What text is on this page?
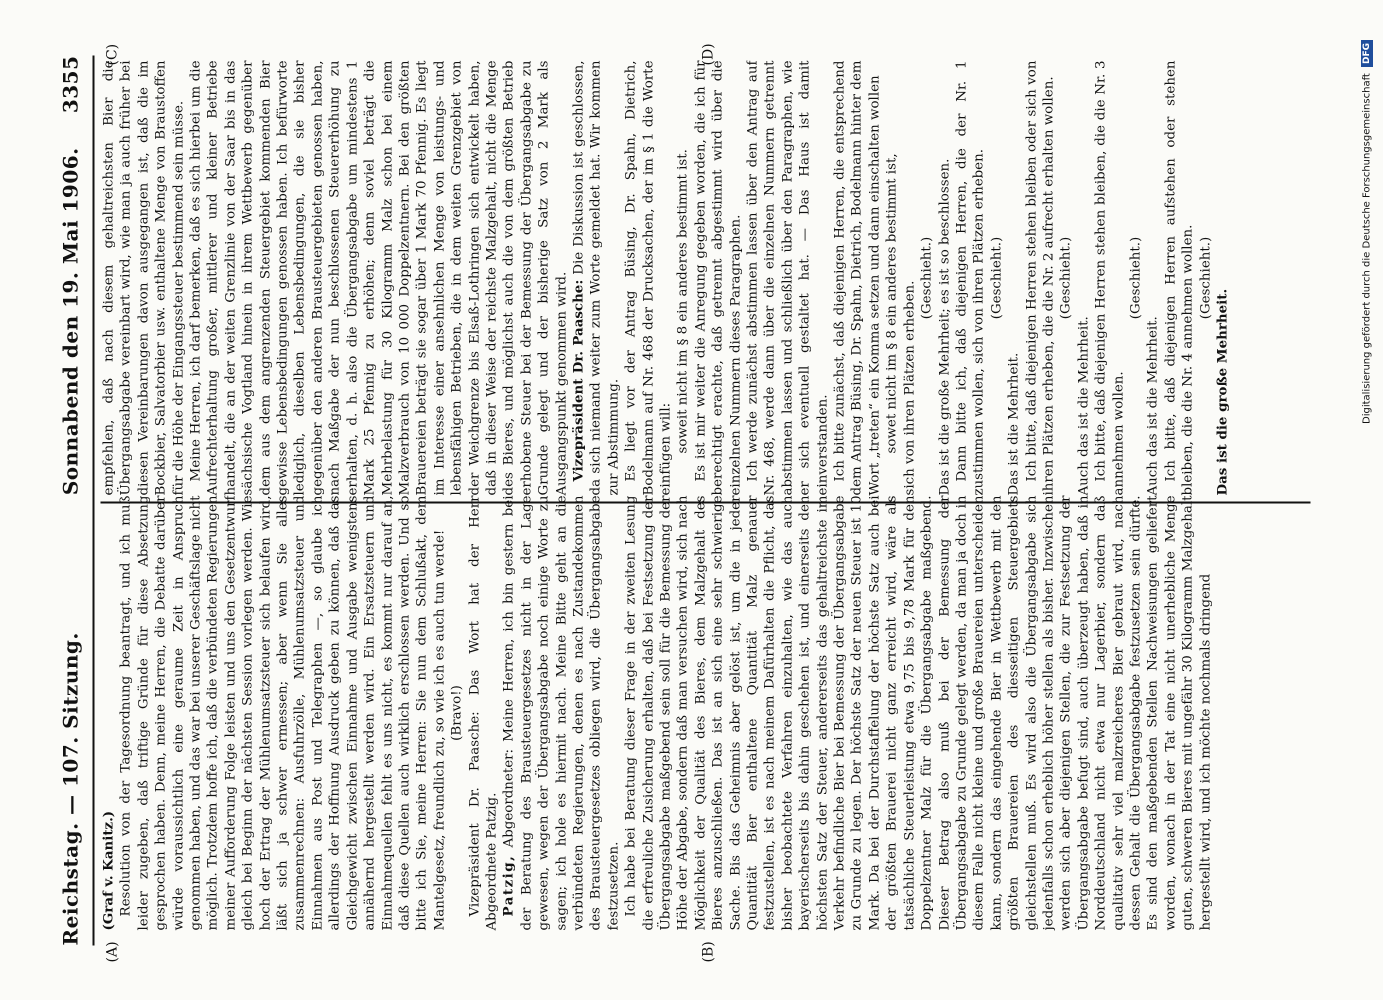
Reichstag. — 107. Sitzung.
Sonnabend den 19. Mai 1906.
3355
(A)	(B)
(C)	(D)

(Graf v. Kanitz.) Resolution von der Tagesordnung beantragt, und ich muß leider zugeben, daß triftige Gründe für diese Absetzung gesprochen haben. Denn, meine Herren, die Debatte darüber würde voraussichtlich eine geraume Zeit in Anspruch genommen haben, und das war bei unserer Geschäftslage nicht möglich. Trotzdem hoffe ich, daß die verbündeten Regierungen meiner Aufforderung Folge leisten und uns den Gesetzentwurf gleich bei Beginn der nächsten Session vorlegen werden. Wie hoch der Ertrag der Mühlenumsatzsteuer sich belaufen wird, läßt sich ja schwer ermessen; aber wenn Sie alles zusammenrechnen: Ausfuhrzölle, Mühlenumsatzsteuer und Einnahmen aus Post und Telegraphen —, so glaube ich allerdings der Hoffnung Ausdruck geben zu können, daß das Gleichgewicht zwischen Einnahme und Ausgabe wenigstens annähernd hergestellt werden wird. Ein Ersatzsteuern und Einnahmequellen fehlt es uns nicht, es kommt nur darauf an, daß diese Quellen auch wirklich erschlossen werden. Und so bitte ich Sie, meine Herren: Sie nun dem Schlußakt, dem Mantelgesetz, freundlich zu, so wie ich es auch tun werde! (Bravo!) Vizepräsident Dr. Paasche: Das Wort hat der Herr Abgeordnete Patzig. Patzig, Abgeordneter: Meine Herren, ich bin gestern bei der Beratung des Brausteuergesetzes nicht in der Lage gewesen, wegen der Übergangsabgabe noch einige Worte zu sagen; ich hole es hiermit nach. Meine Bitte geht an die verbündeten Regierungen, denen es nach Zustandekommen des Brausteuergesetzes obliegen wird, die Übergangsabgabe festzusetzen. Ich habe bei Beratung dieser Frage in der zweiten Lesung die erfreuliche Zusicherung erhalten, daß bei Festsetzung der Übergangsabgabe maßgebend sein soll für die Bemessung der Höhe der Abgabe, sondern daß man versuchen wird, sich nach Möglichkeit der Qualität des Bieres, dem Malzgehalt des Bieres anzuschließen. Das ist an sich eine sehr schwierige Sache. Bis das Geheimnis aber gelöst ist, um die in jeder Quantität Bier enthaltene Quantität Malz genauer festzustellen, ist es nach meinem Dafürhalten die Pflicht, das bisher beobachtete Verfahren einzuhalten, wie das auch bayerischerseits bis dahin geschehen ist, und einerseits den höchsten Satz der Steuer, andererseits das gehaltreichste im Verkehr befindliche Bier bei Bemessung der Übergangsabgabe zu Grunde zu legen. Der höchste Satz der neuen Steuer ist 10 Mark. Da bei der Durchstaffelung der höchste Satz auch bei der größten Brauerei nicht ganz erreicht wird, wäre als tatsächliche Steuerleistung etwa 9,75 bis 9,78 Mark für den Doppelzentner Malz für die Übergangsabgabe maßgebend. Dieser Betrag also muß bei der Bemessung der Übergangsabgabe zu Grunde gelegt werden, da man ja doch in diesem Falle nicht kleine und große Brauereien unterscheiden kann, sondern das eingehende Bier in Wettbewerb mit den größten Brauereien des diesseitigen Steuergebiets gleichstellen muß. Es wird also die Übergangsabgabe sich jedenfalls schon erheblich höher stellen als bisher. Inzwischen werden sich aber diejenigen Stellen, die zur Festsetzung der Übergangsabgabe befugt sind, auch überzeugt haben, daß in Norddeutschland nicht etwa nur Lagerbier, sondern daß qualitativ sehr viel malzreicheres Bier gebraut wird, nach dessen Gehalt die Übergangsabgabe festzusetzen sein dürfte. Es sind den maßgebenden Stellen Nachweisungen geliefert worden, wonach in der Tat eine nicht unerhebliche Menge guten, schweren Bieres mit ungefähr 30 Kilogramm Malzgehalt hergestellt wird, und ich möchte nochmals dringend

empfehlen, daß nach diesem gehaltreichsten Bier die Übergangsabgabe vereinbart wird, wie man ja auch früher bei diesen Vereinbarungen davon ausgegangen ist, daß die im Bockbier, Salvatorbier usw. enthaltene Menge von Braustoffen für die Höhe der Eingangssteuer bestimmend sein müsse. Meine Herren, ich darf bemerken, daß es sich hierbei um die Aufrechterhaltung großer, mittlerer und kleiner Betriebe handelt, die an der weiten Grenzlinie von der Saar bis in das sächsische Vogtland hinein in ihrem Wettbewerb gegenüber dem aus dem angrenzenden Steuergebiet kommenden Bier gewisse Lebensbedingungen genossen haben. Ich befürworte lediglich, dieselben Lebensbedingungen, die sie bisher gegenüber den anderen Brausteuergebieten genossen haben, nach Maßgabe der nun beschlossenen Steuererhöhung zu erhalten, d. h. also die Übergangsabgabe um mindestens 1 Mark 25 Pfennig zu erhöhen; denn soviel beträgt die Mehrbelastung für 30 Kilogramm Malz schon bei einem Malzverbrauch von 10 000 Doppelzentnern. Bei den größten Brauereien beträgt sie sogar über 1 Mark 70 Pfennig. Es liegt im Interesse einer ansehnlichen Menge von leistungs- und lebensfähigen Betrieben, die in dem weiten Grenzgebiet von der Weichgrenze bis Elsaß-Lothringen sich entwickelt haben, daß in dieser Weise der reichste Malzgehalt, nicht die Menge des Bieres, und möglichst auch die von dem größten Betrieb erhobene Steuer bei der Bemessung der Übergangsabgabe zu Grunde gelegt und der bisherige Satz von 2 Mark als Ausgangspunkt genommen wird. Vizepräsident Dr. Paasche: Die Diskussion ist geschlossen, da sich niemand weiter zum Worte gemeldet hat. Wir kommen zur Abstimmung. Es liegt vor der Antrag Büsing, Dr. Spahn, Dietrich, Bodelmann auf Nr. 468 der Drucksachen, der im § 1 die Worte einfügen will: soweit nicht im § 8 ein anderes bestimmt ist. Es ist mir weiter die Anregung gegeben worden, die ich für berechtigt erachte, daß getrennt abgestimmt wird über die einzelnen Nummern dieses Paragraphen. Ich werde zunächst abstimmen lassen über den Antrag auf Nr. 468, werde dann über die einzelnen Nummern getrennt abstimmen lassen und schließlich über den Paragraphen, wie er sich eventuell gestaltet hat. — Das Haus ist damit einverstanden. Ich bitte zunächst, daß diejenigen Herren, die entsprechend dem Antrag Büsing, Dr. Spahn, Dietrich, Bodelmann hinter dem Wort „treten“ ein Komma setzen und dann einschalten wollen sowet nicht im § 8 ein anderes bestimmt ist, sich von ihren Plätzen erheben.

(Geschieht.) Das ist die große Mehrheit; es ist so beschlossen. Dann bitte ich, daß diejenigen Herren, die der Nr. 1 zustimmen wollen, sich von ihren Plätzen erheben. (Geschieht.)

Das ist die Mehrheit. Ich bitte, daß diejenigen Herren stehen bleiben oder sich von ihren Plätzen erheben, die die Nr. 2 aufrecht erhalten wollen. (Geschieht.)

Auch das ist die Mehrheit. Ich bitte, daß diejenigen Herren stehen bleiben, die die Nr. 3 annehmen wollen.

(Geschieht.)

Auch das ist die Mehrheit. Ich bitte, daß diejenigen Herren aufstehen oder stehen bleiben, die die Nr. 4 annehmen wollen. (Geschieht.)

Das ist die große Mehrheit.	Digitalisierung gefördert durch die Deutsche Forschungsgemeinschaft
DFG
